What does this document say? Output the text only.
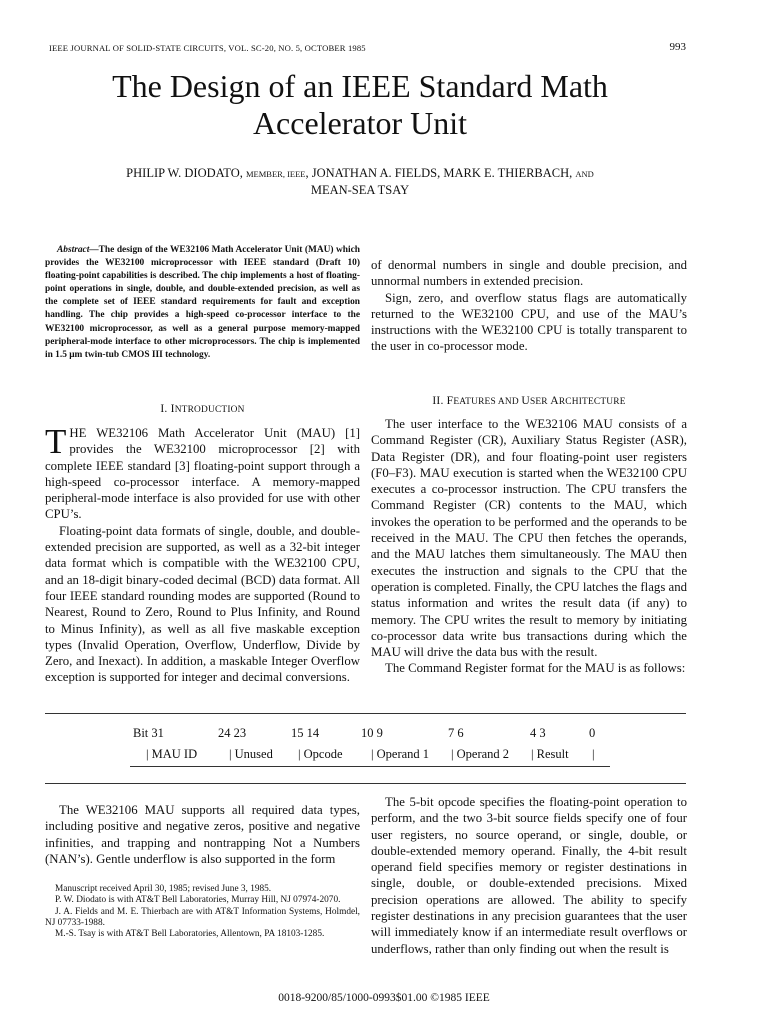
IEEE JOURNAL OF SOLID-STATE CIRCUITS, VOL. SC-20, NO. 5, OCTOBER 1985	993
The Design of an IEEE Standard Math
Accelerator Unit
PHILIP W. DIODATO, MEMBER, IEEE, JONATHAN A. FIELDS, MARK E. THIERBACH, AND
MEAN-SEA TSAY
Abstract—The design of the WE32106 Math Accelerator Unit (MAU) which provides the WE32100 microprocessor with IEEE standard (Draft 10) floating-point capabilities is described. The chip implements a host of floating-point operations in single, double, and double-extended precision, as well as the complete set of IEEE standard requirements for fault and exception handling. The chip provides a high-speed co-processor interface to the WE32100 microprocessor, as well as a general purpose memory-mapped peripheral-mode interface to other microprocessors. The chip is implemented in 1.5 μm twin-tub CMOS III technology.

of denormal numbers in single and double precision, and unnormal numbers in extended precision.

Sign, zero, and overflow status flags are automatically returned to the WE32100 CPU, and use of the MAU’s instructions with the WE32100 CPU is totally transparent to the user in co-processor mode.

I. INTRODUCTION

THE WE32106 Math Accelerator Unit (MAU) [1] provides the WE32100 microprocessor [2] with complete IEEE standard [3] floating-point support through a high-speed co-processor interface. A memory-mapped peripheral-mode interface is also provided for use with other CPU’s.

Floating-point data formats of single, double, and double-extended precision are supported, as well as a 32-bit integer data format which is compatible with the WE32100 CPU, and an 18-digit binary-coded decimal (BCD) data format. All four IEEE standard rounding modes are supported (Round to Nearest, Round to Zero, Round to Plus Infinity, and Round to Minus Infinity), as well as all five maskable exception types (Invalid Operation, Overflow, Underflow, Divide by Zero, and Inexact). In addition, a maskable Integer Overflow exception is supported for integer and decimal conversions.

II. FEATURES AND USER ARCHITECTURE

The user interface to the WE32106 MAU consists of a Command Register (CR), Auxiliary Status Register (ASR), Data Register (DR), and four floating-point user registers (F0–F3). MAU execution is started when the WE32100 CPU executes a co-processor instruction. The CPU transfers the Command Register (CR) contents to the MAU, which invokes the operation to be performed and the operands to be received in the MAU. The CPU then fetches the operands, and the MAU latches them simultaneously. The MAU then executes the instruction and signals to the CPU that the operation is completed. Finally, the CPU latches the flags and status information and writes the result data (if any) to memory. The CPU writes the result to memory by initiating co-processor data write bus transactions during which the MAU will drive the data bus with the result.

The Command Register format for the MAU is as follows:

Bit 31	24 23	15 14	10 9	7 6	4 3	0
| MAU ID	| Unused | Opcode | Operand 1 | Operand 2 | Result |

The WE32106 MAU supports all required data types, including positive and negative zeros, positive and negative infinities, and trapping and nontrapping Not a Numbers (NAN’s). Gentle underflow is also supported in the form

Manuscript received April 30, 1985; revised June 3, 1985.
P. W. Diodato is with AT&T Bell Laboratories, Murray Hill, NJ 07974-2070.
J. A. Fields and M. E. Thierbach are with AT&T Information Systems, Holmdel, NJ 07733-1988.
M.-S. Tsay is with AT&T Bell Laboratories, Allentown, PA 18103-1285.

The 5-bit opcode specifies the floating-point operation to perform, and the two 3-bit source fields specify one of four user registers, no source operand, or single, double, or double-extended memory operand. Finally, the 4-bit result operand field specifies memory or register destinations in single, double, or double-extended precisions. Mixed precision operations are allowed. The ability to specify register destinations in any precision guarantees that the user will immediately know if an intermediate result overflows or underflows, rather than only finding out when the result is

0018-9200/85/1000-0993$01.00 ©1985 IEEE
